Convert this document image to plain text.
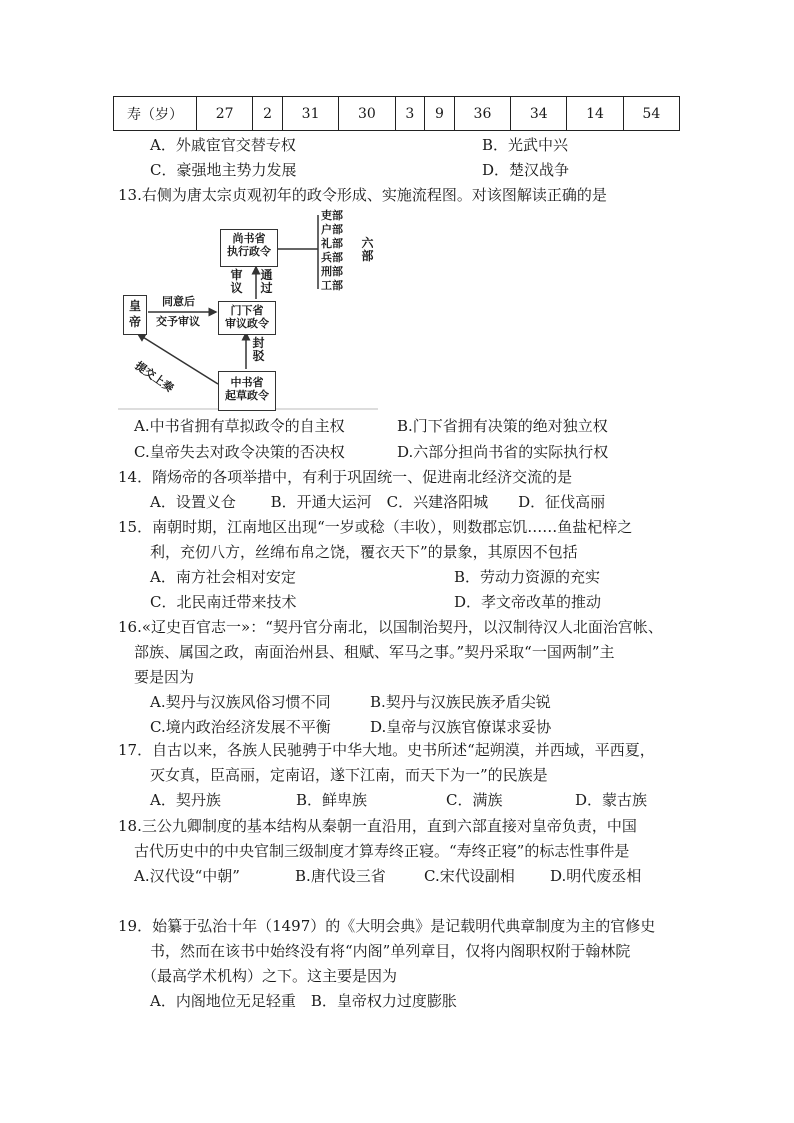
寿（岁）	27	2	31	30	3	9	36	34	14	54
A．外戚宦官交替专权	B．光武中兴
C．豪强地主势力发展	D．楚汉战争
13.右侧为唐太宗贞观初年的政令形成、实施流程图。对该图解读正确的是
尚书省
执行政令
门下省
审议政令
中书省
起草政令
皇帝
同意后
交予审议
审议
通过
封驳
提交上奏
吏部
户部
礼部
兵部
刑部
工部
六部
A.中书省拥有草拟政令的自主权	B.门下省拥有决策的绝对独立权
C.皇帝失去对政令决策的否决权	D.六部分担尚书省的实际执行权
14．隋炀帝的各项举措中，有利于巩固统一、促进南北经济交流的是
A．设置义仓　　 B．开通大运河　C．兴建洛阳城　　D．征伐高丽
15．南朝时期，江南地区出现“一岁或稔（丰收），则数郡忘饥……鱼盐杞梓之
利，充仞八方，丝绵布帛之饶，覆衣天下”的景象，其原因不包括
A．南方社会相对安定	B．劳动力资源的充实
C．北民南迁带来技术	D．孝文帝改革的推动
16.«辽史百官志一»：“契丹官分南北，以国制治契丹，以汉制待汉人北面治宫帐、
部族、属国之政，南面治州县、租赋、军马之事。”契丹采取“一国两制”主
要是因为
A.契丹与汉族风俗习惯不同	B.契丹与汉族民族矛盾尖锐
C.境内政治经济发展不平衡	D.皇帝与汉族官僚谋求妥协
17．自古以来，各族人民驰骋于中华大地。史书所述“起朔漠，并西域，平西夏，
灭女真，臣高丽，定南诏，遂下江南，而天下为一”的民族是
A．契丹族	B．鲜卑族	C．满族	D．蒙古族
18.三公九卿制度的基本结构从秦朝一直沿用，直到六部直接对皇帝负责，中国
古代历史中的中央官制三级制度才算寿终正寝。“寿终正寝”的标志性事件是
A.汉代设“中朝”	B.唐代设三省	C.宋代设副相 D.明代废丞相
19．始纂于弘治十年（1497）的《大明会典》是记载明代典章制度为主的官修史
书，然而在该书中始终没有将“内阁”单列章目，仅将内阁职权附于翰林院
（最高学术机构）之下。这主要是因为
A．内阁地位无足轻重　B．皇帝权力过度膨胀
